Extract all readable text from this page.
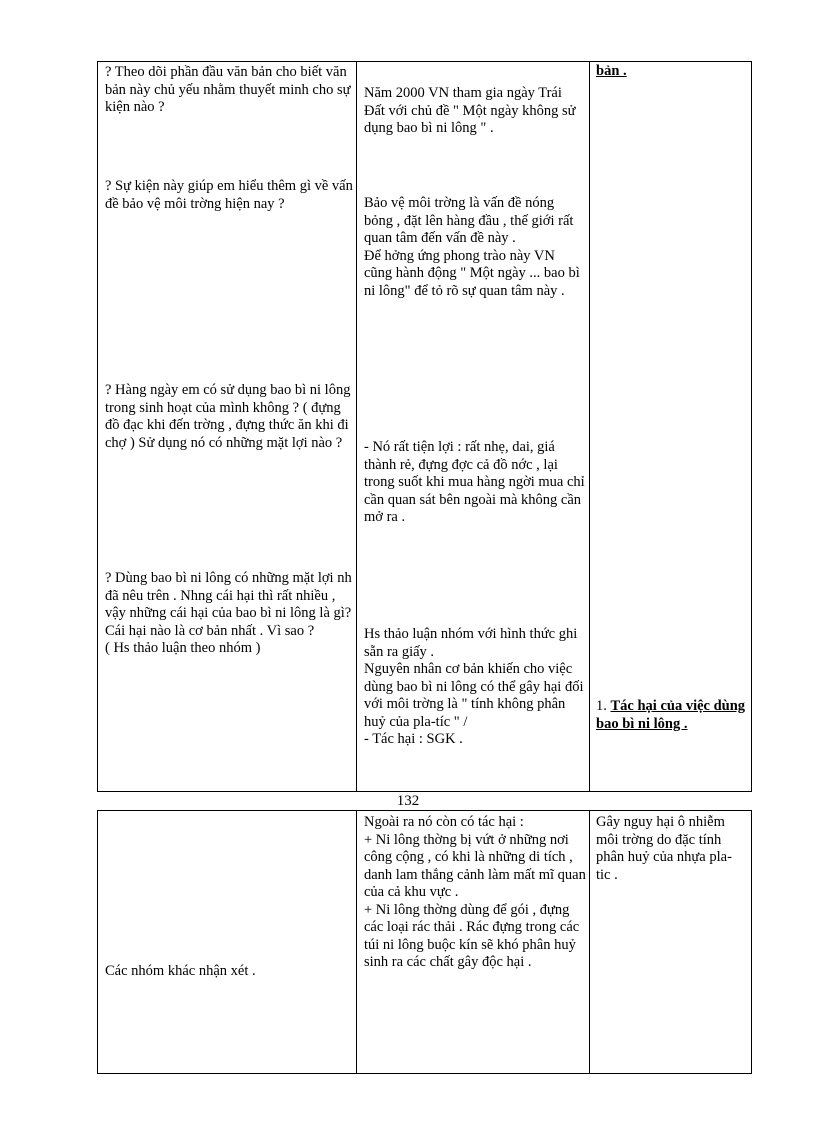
? Theo dõi phần đầu văn bản cho biết văn bản này chủ yếu nhằm thuyết minh cho sự kiện nào ?
? Sự kiện này giúp em hiểu thêm gì về vấn đề bảo vệ môi trờng hiện nay ?
? Hàng ngày em có sử dụng bao bì ni lông trong sinh hoạt của mình không ? ( đựng đồ đạc khi đến trờng , đựng thức ăn khi đi chợ ) Sử dụng nó có những mặt lợi nào ?
? Dùng bao bì ni lông có những mặt lợi nh đã nêu trên . Nhng cái hại thì rất nhiều , vậy những cái hại của bao bì ni lông là gì? Cái hại nào là cơ bản nhất . Vì sao ?
( Hs thảo luận theo nhóm )
Năm 2000 VN tham gia ngày Trái Đất với chủ đề " Một ngày không sử dụng bao bì ni lông " .
Bảo vệ môi trờng là vấn đề nóng bỏng , đặt lên hàng đầu , thế giới rất quan tâm đến vấn đề này .
Để hởng ứng phong trào này VN cũng hành động " Một ngày ... bao bì ni lông" để tỏ rõ sự quan tâm này .
- Nó rất tiện lợi : rất nhẹ, dai, giá thành rẻ, đựng đợc cả đồ nớc , lại trong suốt khi mua hàng ngời mua chỉ cần quan sát bên ngoài mà không cần mở ra .
Hs thảo luận nhóm với hình thức ghi sẵn ra giấy .
Nguyên nhân cơ bản khiến cho việc dùng bao bì ni lông có thể gây hại đối với môi trờng là " tính không phân huỷ của pla-tíc " /
- Tác hại : SGK .
bản .
1. Tác hại của việc dùng bao bì ni lông .
132
Các nhóm khác nhận xét .
Ngoài ra nó còn có tác hại :
+ Ni lông thờng bị vứt ở những nơi công cộng , có khi là những di tích , danh lam thắng cảnh làm mất mĩ quan của cả khu vực .
+ Ni lông thờng dùng để gói , đựng các loại rác thải . Rác đựng trong các túi ni lông buộc kín sẽ khó phân huỷ sinh ra các chất gây độc hại .
Gây nguy hại ô nhiễm môi trờng do đặc tính phân huỷ của nhựa pla-tic .
